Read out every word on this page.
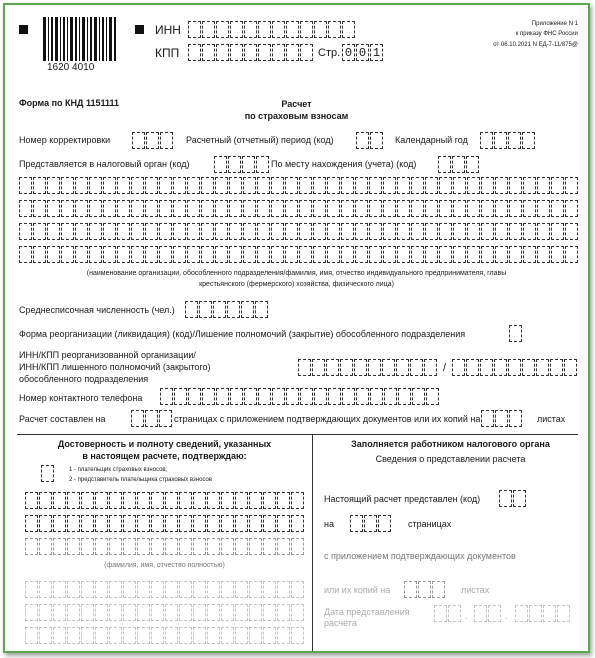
1620 4010
ИНН
КПП	Стр. 0 0 1
Приложение N 1
к приказу ФНС России
от 06.10.2021 N ЕД-7-11/875@
Форма по КНД 1151111	Расчет
по страховым взносам
Номер корректировки	Расчетный (отчетный) период (код)	Календарный год
Представляется в налоговый орган (код)	По месту нахождения (учета) (код)
(наименование организации, обособленного подразделения/фамилия, имя, отчество индивидуального предпринимателя, главы
крестьянского (фермерского) хозяйства, физического лица)
Среднесписочная численность (чел.)
Форма реорганизации (ликвидация) (код)/Лишение полномочий (закрытие) обособленного подразделения
ИНН/КПП реорганизованной организации/
ИНН/КПП лишенного полномочий (закрытого)
обособленного подразделения
/
Номер контактного телефона
Расчет составлен на	страницах с приложением подтверждающих документов или их копий на	листах
Достоверность и полноту сведений, указанных
в настоящем расчете, подтверждаю:
1 - плательщик страховых взносов;
2 - представитель плательщика страховых взносов
(фамилия, имя, отчество полностью)
Заполняется работником налогового органа
Сведения о представлении расчета
Настоящий расчет представлен (код)
на	страницах
с приложением подтверждающих документов
или их копий на	листах
Дата представления
расчета
.	.
